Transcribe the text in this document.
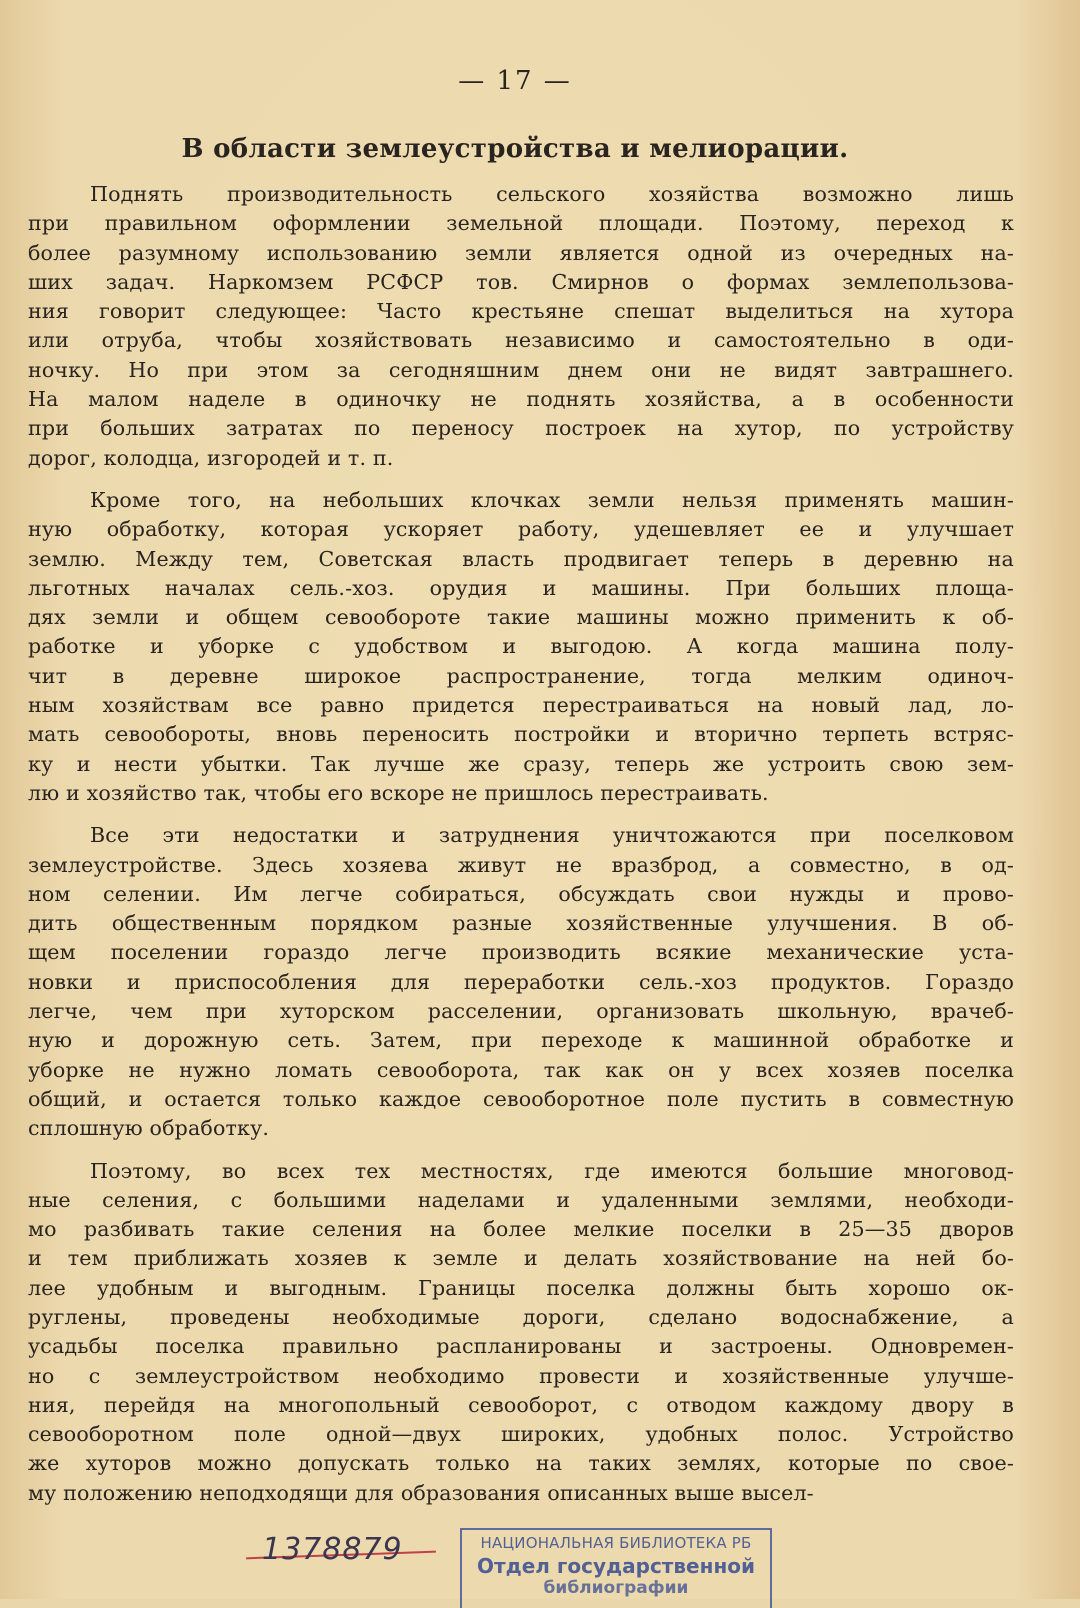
— 17 —
В области землеустройства и мелиорации.
Поднять производительность сельского хозяйства возможно лишь
при правильном оформлении земельной площади. Поэтому, переход к
более разумному использованию земли является одной из очередных на-
ших задач. Наркомзем РСФСР тов. Смирнов о формах землепользова-
ния говорит следующее: Часто крестьяне спешат выделиться на хутора
или отруба, чтобы хозяйствовать независимо и самостоятельно в оди-
ночку. Но при этом за сегодняшним днем они не видят завтрашнего.
На малом наделе в одиночку не поднять хозяйства, а в особенности
при больших затратах по переносу построек на хутор, по устройству
дорог, колодца, изгородей и т. п.
Кроме того, на небольших клочках земли нельзя применять машин-
ную обработку, которая ускоряет работу, удешевляет ее и улучшает
землю. Между тем, Советская власть продвигает теперь в деревню на
льготных началах сель.-хоз. орудия и машины. При больших площа-
дях земли и общем севообороте такие машины можно применить к об-
работке и уборке с удобством и выгодою. А когда машина полу-
чит в деревне широкое распространение, тогда мелким одиноч-
ным хозяйствам все равно придется перестраиваться на новый лад, ло-
мать севообороты, вновь переносить постройки и вторично терпеть встряс-
ку и нести убытки. Так лучше же сразу, теперь же устроить свою зем-
лю и хозяйство так, чтобы его вскоре не пришлось перестраивать.
Все эти недостатки и затруднения уничтожаются при поселковом
землеустройстве. Здесь хозяева живут не вразброд, а совместно, в од-
ном селении. Им легче собираться, обсуждать свои нужды и прово-
дить общественным порядком разные хозяйственные улучшения. В об-
щем поселении гораздо легче производить всякие механические уста-
новки и приспособления для переработки сель.-хоз продуктов. Гораздо
легче, чем при хуторском расселении, организовать школьную, врачеб-
ную и дорожную сеть. Затем, при переходе к машинной обработке и
уборке не нужно ломать севооборота, так как он у всех хозяев поселка
общий, и остается только каждое севооборотное поле пустить в совместную
сплошную обработку.
Поэтому, во всех тех местностях, где имеются большие многовод-
ные селения, с большими наделами и удаленными землями, необходи-
мо разбивать такие селения на более мелкие поселки в 25—35 дворов
и тем приближать хозяев к земле и делать хозяйствование на ней бо-
лее удобным и выгодным. Границы поселка должны быть хорошо ок-
руглены, проведены необходимые дороги, сделано водоснабжение, а
усадьбы поселка правильно распланированы и застроены. Одновремен-
но с землеустройством необходимо провести и хозяйственные улучше-
ния, перейдя на многопольный севооборот, с отводом каждому двору в
севооборотном поле одной—двух широких, удобных полос. Устройство
же хуторов можно допускать только на таких землях, которые по свое-
му положению неподходящи для образования описанных выше высел-
1378879	НАЦИОНАЛЬНАЯ БИБЛИОТЕКА РБ
Отдел государственной
библиографии
